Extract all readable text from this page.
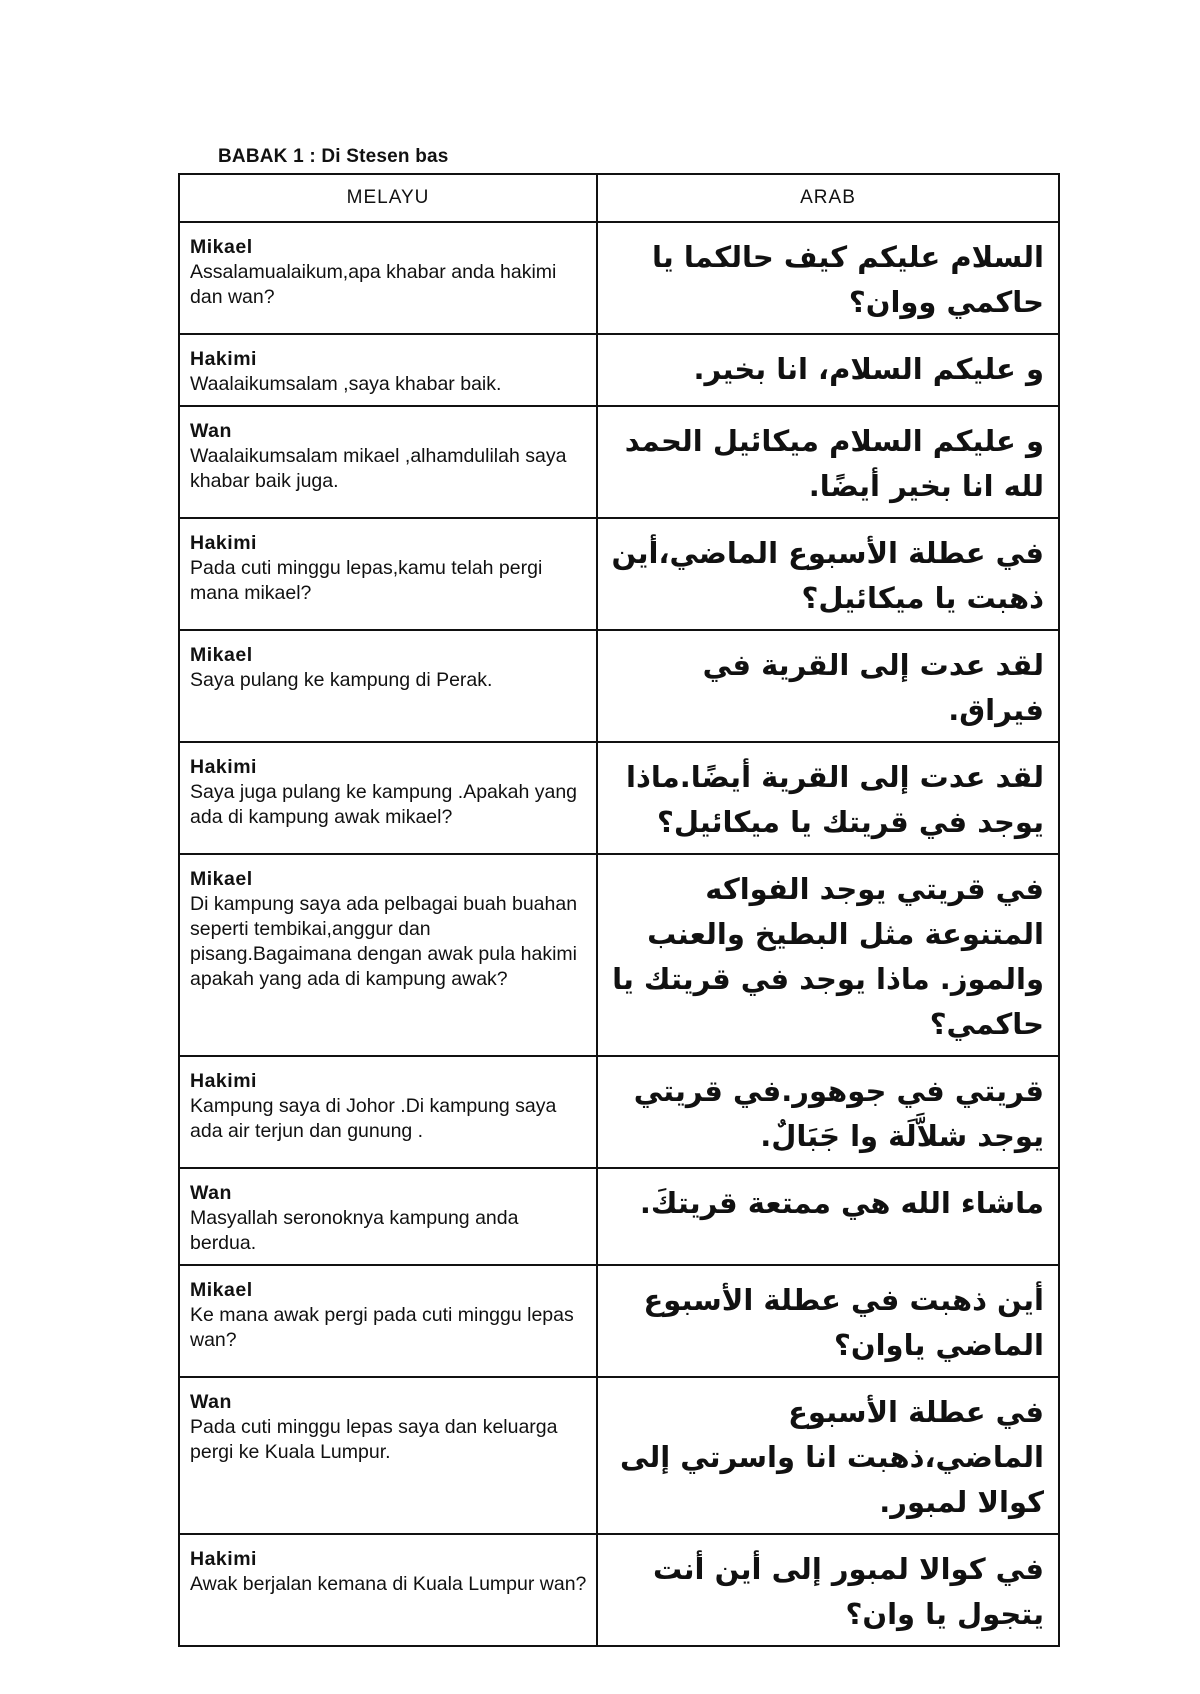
BABAK 1 : Di Stesen bas
MELAYU	ARAB

Mikael
Assalamualaikum,apa khabar anda hakimi dan wan?	السلام عليكم كيف حالكما يا حاكمي ووان؟

Hakimi
Waalaikumsalam ,saya khabar baik.	و عليكم السلام، انا بخير.

Wan
Waalaikumsalam mikael ,alhamdulilah saya khabar baik juga.	و عليكم السلام ميكائيل الحمد لله انا بخير أيضًا.

Hakimi
Pada cuti minggu lepas,kamu telah pergi mana mikael?	في عطلة الأسبوع الماضي،أين ذهبت يا ميكائيل؟

Mikael
Saya pulang ke kampung di Perak.	لقد عدت إلى القرية في فيراق.

Hakimi
Saya juga pulang ke kampung .Apakah yang ada di kampung awak mikael?	لقد عدت إلى القرية أيضًا.ماذا يوجد في قريتك يا ميكائيل؟

Mikael
Di kampung saya ada pelbagai buah buahan seperti tembikai,anggur dan pisang.Bagaimana dengan awak pula hakimi apakah yang ada di kampung awak?	في قريتي يوجد الفواكه المتنوعة مثل البطيخ والعنب والموز. ماذا يوجد في قريتك يا حاكمي؟

Hakimi
Kampung saya di Johor .Di kampung saya ada air terjun dan gunung .	قريتي في جوهور.في قريتي يوجد شلاَّلَة وا جَبَالٌ.

Wan
Masyallah seronoknya kampung anda berdua.	ماشاء الله هي ممتعة قريتكَ.

Mikael
Ke mana awak pergi pada cuti minggu lepas wan?	أين ذهبت في عطلة الأسبوع الماضي ياوان؟

Wan
Pada cuti minggu lepas saya dan keluarga pergi ke Kuala Lumpur.	في عطلة الأسبوع الماضي،ذهبت انا واسرتي إلى كوالا لمبور.

Hakimi
Awak berjalan kemana di Kuala Lumpur wan?	في كوالا لمبور إلى أين أنت يتجول يا وان؟
